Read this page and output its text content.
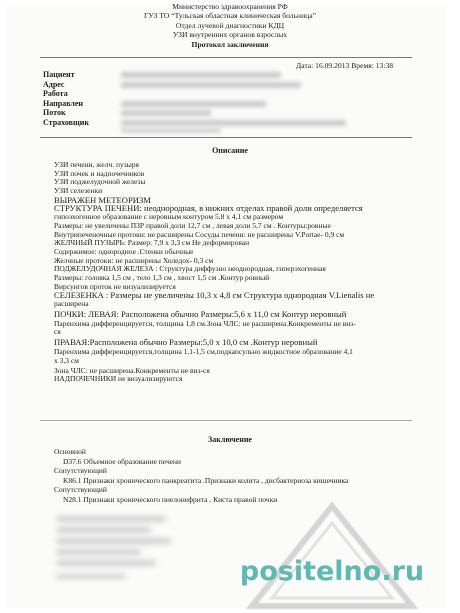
Министерство здравоохранения РФ
ГУЗ ТО “Тульская областная клиническая больница”
Отдел лучевой диагностики КДЦ
УЗИ внутренних органов взрослых
Протокол заключения
Дата: 16.09.2013 Время: 13:38
Пациент
Адрес
Работа
Направлен
Поток
Страховщик
Описание
УЗИ печени, желч. пузыря
УЗИ почек и надпочечников
УЗИ поджелудочной железы
УЗИ селезенки
ВЫРАЖЕН МЕТЕОРИЗМ
СТРУКТУРА ПЕЧЕНИ: неоднородная, в нижних отделах правой доли определяется
гипоэхогенное образование с неровным контуром 5,8 х 4,1 см размером
Размеры: не увеличены ПЗР правой доли 12,7 см , левая доли 5,7 см . Контуры:ровные
Внутрипеченочные протоки: не расширены Сосуды печени: не расширены V.Portae- 0,9 см
ЖЕЛЧНЫЙ ПУЗЫРЬ: Размер: 7,9 х 3,3 см Не деформирован
Содержимое: однородное .Стенки обычные
Желчные протоки: не расширены Холедох- 0,3 см
ПОДЖЕЛУДОЧНАЯ ЖЕЛЕЗА : Структура диффузно неоднородная, гиперэхогенная
Размеры: головка 1,5 см , тело 1,3 см , хвост 1,5 см .Контур ровный
Вирсунгов проток не визуализируется
СЕЛЕЗЕНКА : Размеры не увеличены 10,3 х 4,8 см Структура однородная V.Lienalis не
расширена
ПОЧКИ: ЛЕВАЯ: Расположена обычно Размеры:5,6 х 11,0 см Контур неровный
Паренхима дифференцируется, толщина 1,8 см.Зона ЧЛС: не расширена.Конкременты не виз-
ся
ПРАВАЯ:Расположена обычно Размеры:5,0 х 10,0 см .Контур неровный
Паренхима дифференцируется,толщина 1,1-1,5 см,подкапсульно жидкостное образование 4,1
х 3,3 см
Зона ЧЛС: не расширена.Конкременты не виз-ся
НАДПОЧЕЧНИКИ не визуализируются
Заключение
Основной
D37.6 Объемное образование печени
Сопутствующий
K86.1 Признаки хронического панкреатита .Признаки колита , дисбактериоза кишечника
Сопутствующий
N28.1 Признаки хронического пиелонефрита . Киста правой почки
positelno.ru
